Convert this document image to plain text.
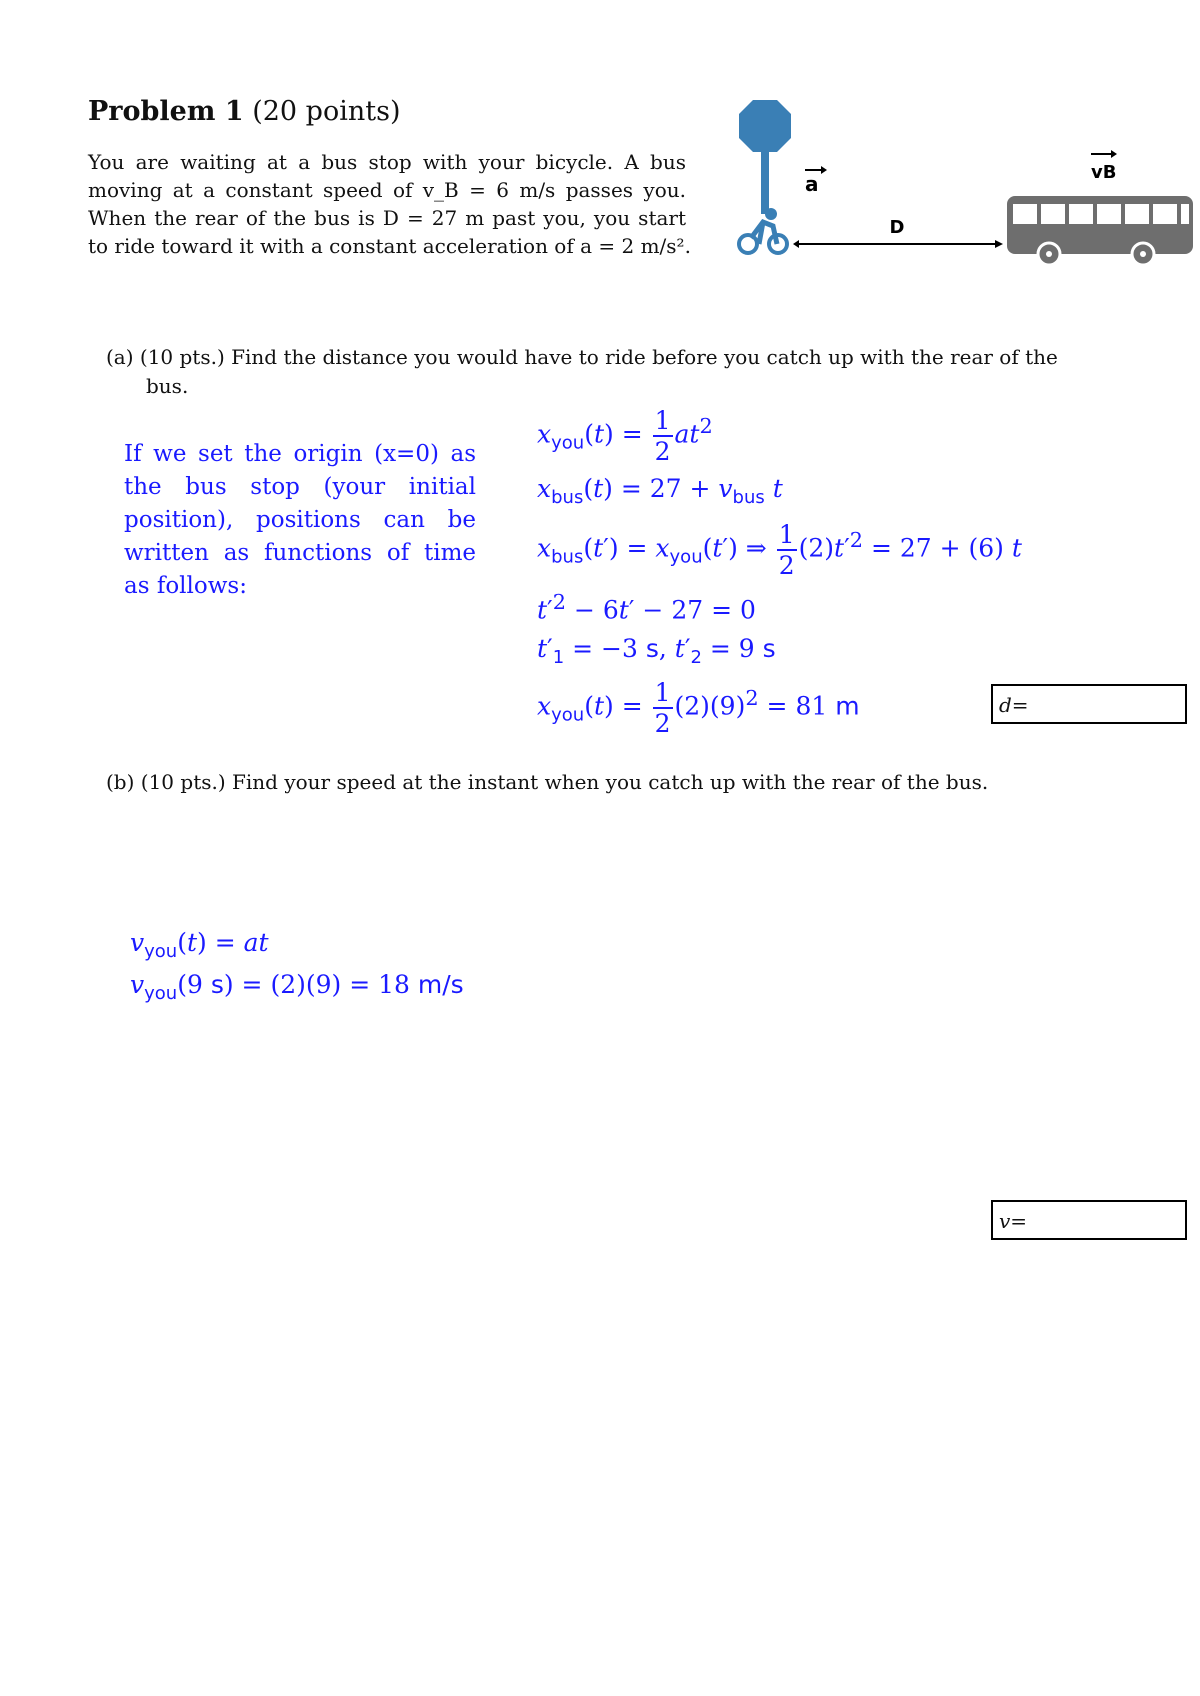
Problem 1 (20 points)
You are waiting at a bus stop with your bicycle. A bus
moving at a constant speed of v_B = 6 m/s passes you.
When the rear of the bus is D = 27 m past you, you start
to ride toward it with a constant acceleration of a = 2 m/s².
a
D
vB
(a) (10 pts.) Find the distance you would have to ride before you catch up with the rear of the
bus.
If we set the origin (x=0) as the bus stop (your initial position), positions can be written as functions of time as follows:
$x_{you}(t) = \frac{1}{2} at^2$
$x_{bus}(t) = 27 + v_{bus}$ t
$x_{bus}(t') = x_{you}(t')$ ⇒ $\frac{1}{2} (2)t'^2 = 27 + (6)$ t
$t'^2 - 6t' - 27 = 0$
$t'_1 = -3$ s, $t'_2 = 9$ s
$x_{you}(t) = \frac{1}{2} (2)(9)^2 = 81$ m	d=
(b) (10 pts.) Find your speed at the instant when you catch up with the rear of the bus.
$v_{you}(t)$ = at
$v_{you}(9$ s) = (2)(9) = 18 m/s
v=
